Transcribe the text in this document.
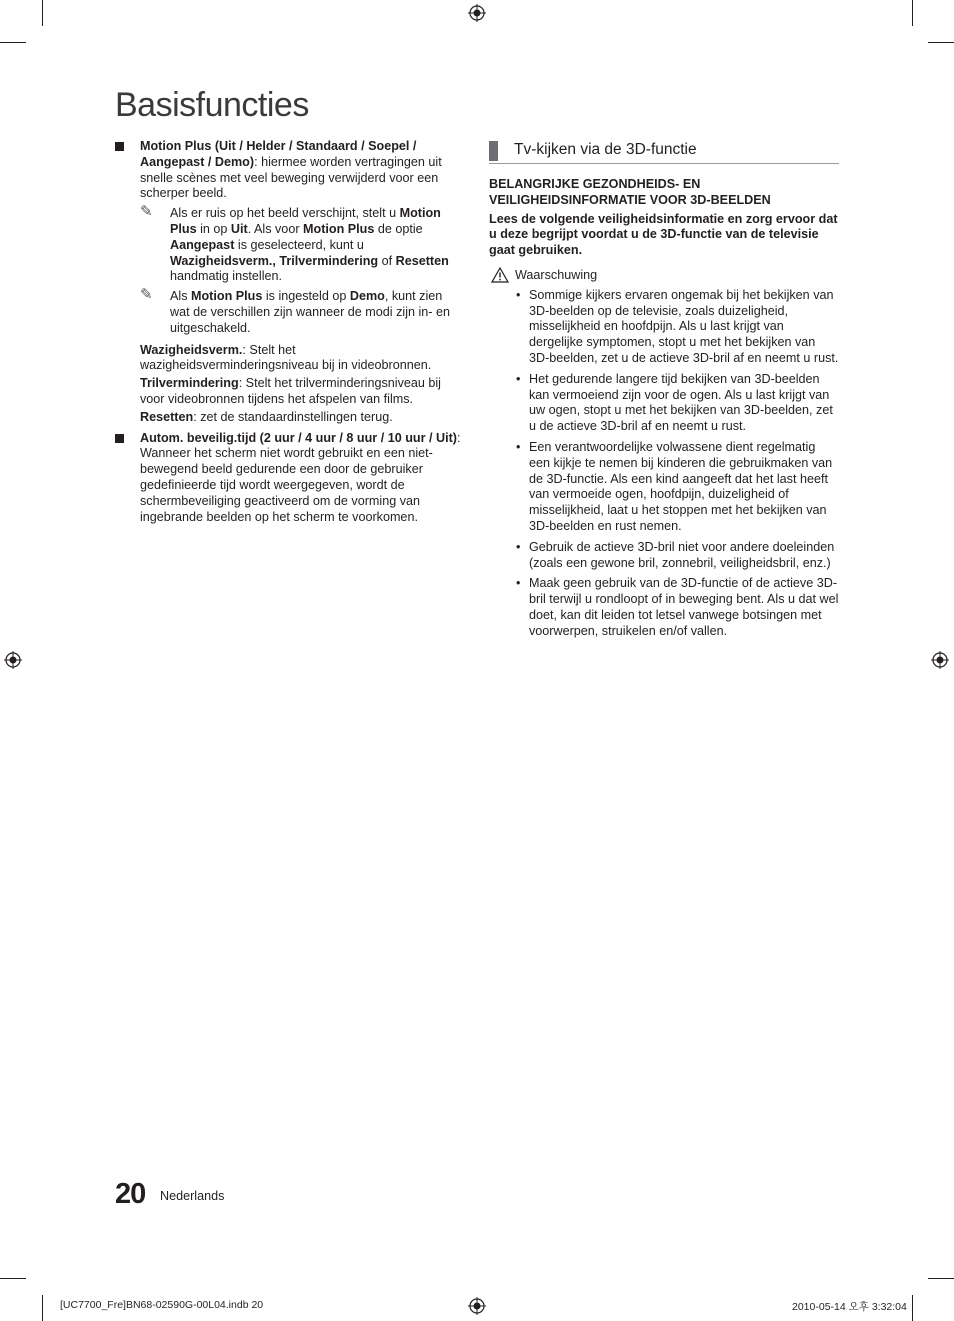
Basisfuncties
Motion Plus (Uit / Helder / Standaard / Soepel / Aangepast / Demo): hiermee worden vertragingen uit snelle scènes met veel beweging verwijderd voor een scherper beeld.
✎ Als er ruis op het beeld verschijnt, stelt u Motion Plus in op Uit. Als voor Motion Plus de optie Aangepast is geselecteerd, kunt u Wazigheidsverm., Trilvermindering of Resetten handmatig instellen.
✎ Als Motion Plus is ingesteld op Demo, kunt zien wat de verschillen zijn wanneer de modi zijn in- en uitgeschakeld.
Wazigheidsverm.: Stelt het wazigheidsverminderingsniveau bij in videobronnen.
Trilvermindering: Stelt het trilverminderingsniveau bij voor videobronnen tijdens het afspelen van films.
Resetten: zet de standaardinstellingen terug.
Autom. beveilig.tijd (2 uur / 4 uur / 8 uur / 10 uur / Uit): Wanneer het scherm niet wordt gebruikt en een niet-bewegend beeld gedurende een door de gebruiker gedefinieerde tijd wordt weergegeven, wordt de schermbeveiliging geactiveerd om de vorming van ingebrande beelden op het scherm te voorkomen.
Tv-kijken via de 3D-functie
BELANGRIJKE GEZONDHEIDS- EN VEILIGHEIDSINFORMATIE VOOR 3D-BEELDEN
Lees de volgende veiligheidsinformatie en zorg ervoor dat u deze begrijpt voordat u de 3D-functie van de televisie gaat gebruiken.
Waarschuwing
• Sommige kijkers ervaren ongemak bij het bekijken van 3D-beelden op de televisie, zoals duizeligheid, misselijkheid en hoofdpijn. Als u last krijgt van dergelijke symptomen, stopt u met het bekijken van 3D-beelden, zet u de actieve 3D-bril af en neemt u rust.
• Het gedurende langere tijd bekijken van 3D-beelden kan vermoeiend zijn voor de ogen. Als u last krijgt van uw ogen, stopt u met het bekijken van 3D-beelden, zet u de actieve 3D-bril af en neemt u rust.
• Een verantwoordelijke volwassene dient regelmatig een kijkje te nemen bij kinderen die gebruikmaken van de 3D-functie. Als een kind aangeeft dat het last heeft van vermoeide ogen, hoofdpijn, duizeligheid of misselijkheid, laat u het stoppen met het bekijken van 3D-beelden en rust nemen.
• Gebruik de actieve 3D-bril niet voor andere doeleinden (zoals een gewone bril, zonnebril, veiligheidsbril, enz.)
• Maak geen gebruik van de 3D-functie of de actieve 3D-bril terwijl u rondloopt of in beweging bent. Als u dat wel doet, kan dit leiden tot letsel vanwege botsingen met voorwerpen, struikelen en/of vallen.
20 Nederlands
[UC7700_Fre]BN68-02590G-00L04.indb 20	2010-05-14 오후 3:32:04
